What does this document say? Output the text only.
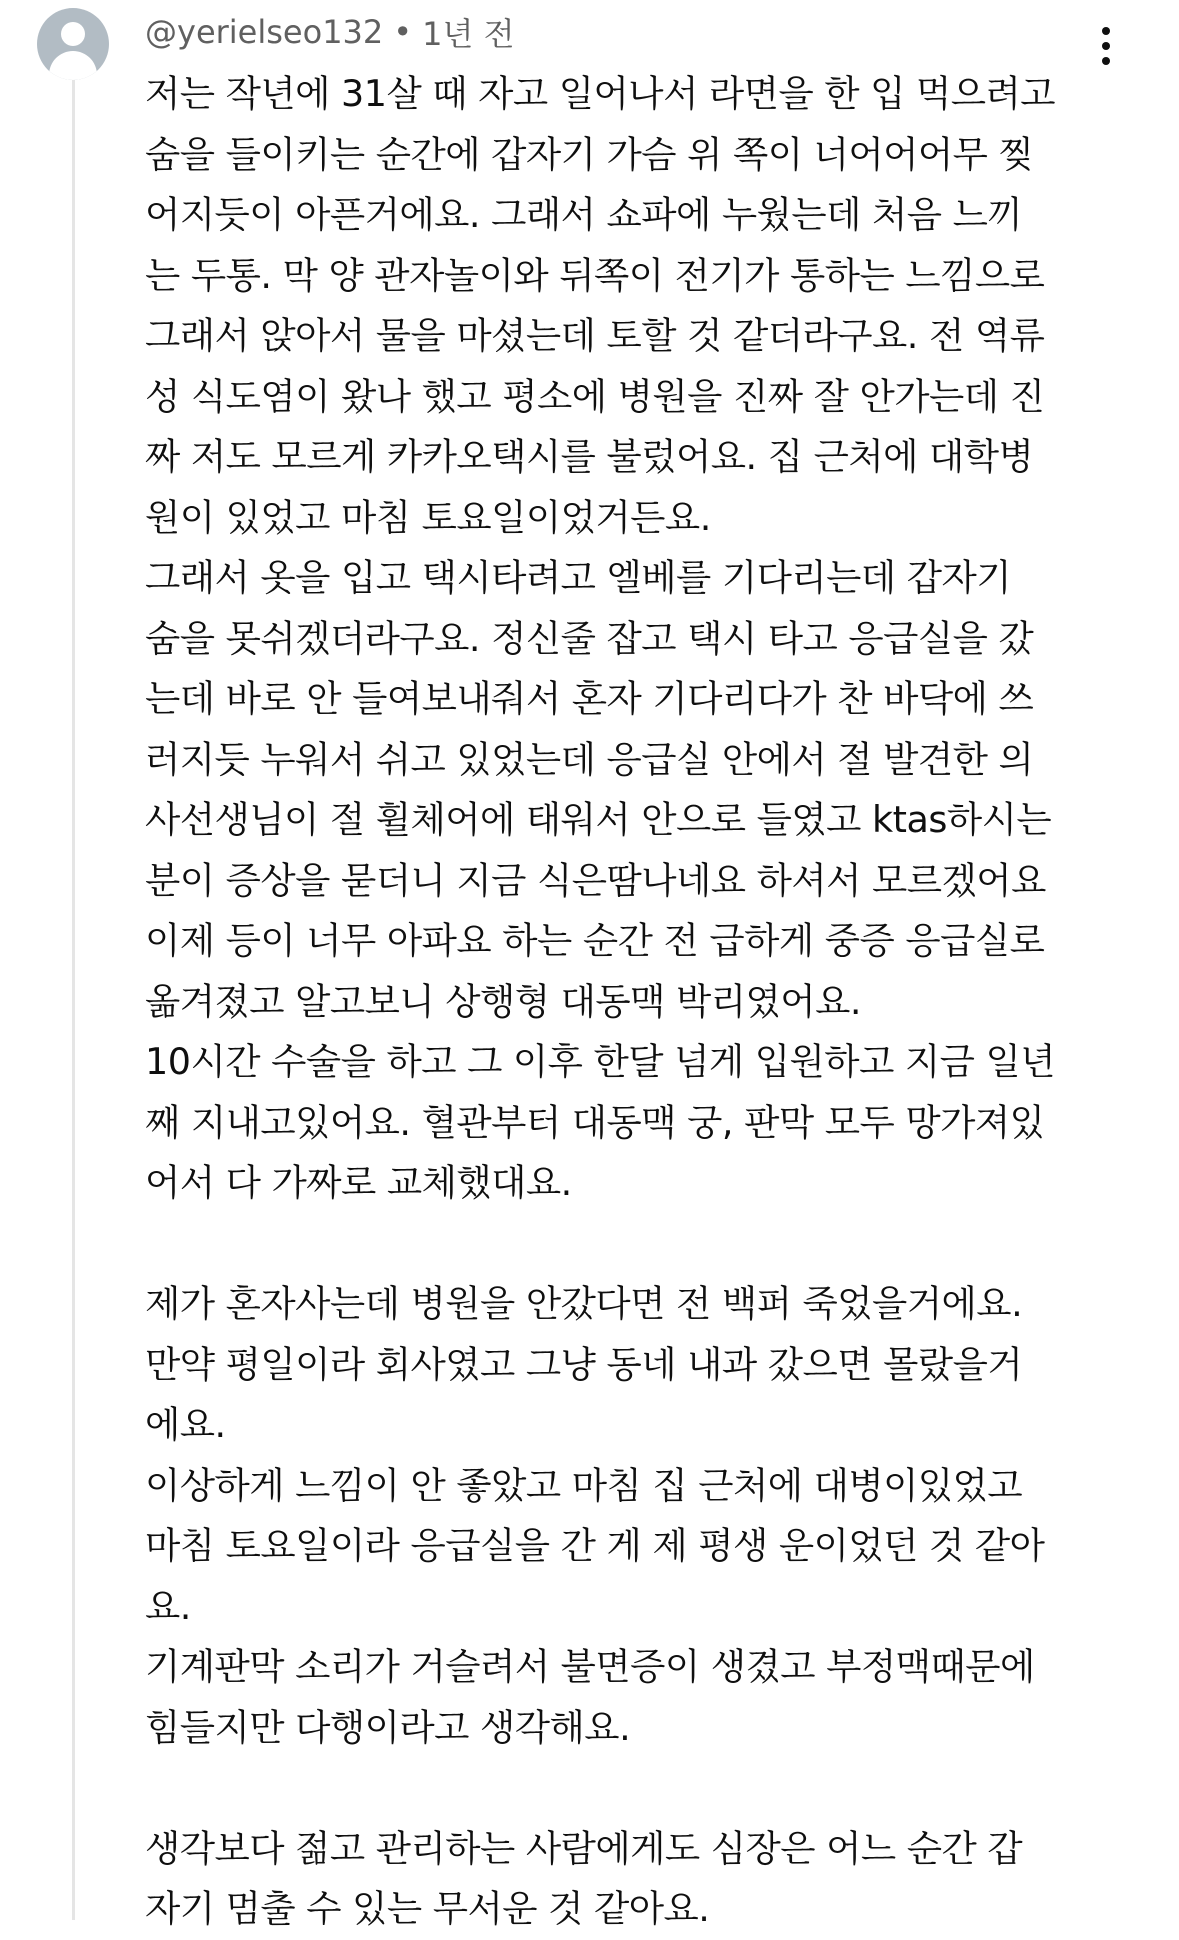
@yerielseo132 • 1년 전
저는 작년에 31살 때 자고 일어나서 라면을 한 입 먹으려고
숨을 들이키는 순간에 갑자기 가슴 위 쪽이 너어어어무 찢
어지듯이 아픈거에요. 그래서 쇼파에 누웠는데 처음 느끼
는 두통. 막 양 관자놀이와 뒤쪽이 전기가 통하는 느낌으로
그래서 앉아서 물을 마셨는데 토할 것 같더라구요. 전 역류
성 식도염이 왔나 했고 평소에 병원을 진짜 잘 안가는데 진
짜 저도 모르게 카카오택시를 불렀어요. 집 근처에 대학병
원이 있었고 마침 토요일이었거든요.
그래서 옷을 입고 택시타려고 엘베를 기다리는데 갑자기
숨을 못쉬겠더라구요. 정신줄 잡고 택시 타고 응급실을 갔
는데 바로 안 들여보내줘서 혼자 기다리다가 찬 바닥에 쓰
러지듯 누워서 쉬고 있었는데 응급실 안에서 절 발견한 의
사선생님이 절 휠체어에 태워서 안으로 들였고 ktas하시는
분이 증상을 묻더니 지금 식은땀나네요 하셔서 모르겠어요
이제 등이 너무 아파요 하는 순간 전 급하게 중증 응급실로
옮겨졌고 알고보니 상행형 대동맥 박리였어요.
10시간 수술을 하고 그 이후 한달 넘게 입원하고 지금 일년
째 지내고있어요. 혈관부터 대동맥 궁, 판막 모두 망가져있
어서 다 가짜로 교체했대요.
제가 혼자사는데 병원을 안갔다면 전 백퍼 죽었을거에요.
만약 평일이라 회사였고 그냥 동네 내과 갔으면 몰랐을거
에요.
이상하게 느낌이 안 좋았고 마침 집 근처에 대병이있었고
마침 토요일이라 응급실을 간 게 제 평생 운이었던 것 같아
요.
기계판막 소리가 거슬려서 불면증이 생겼고 부정맥때문에
힘들지만 다행이라고 생각해요.
생각보다 젊고 관리하는 사람에게도 심장은 어느 순간 갑
자기 멈출 수 있는 무서운 것 같아요.
